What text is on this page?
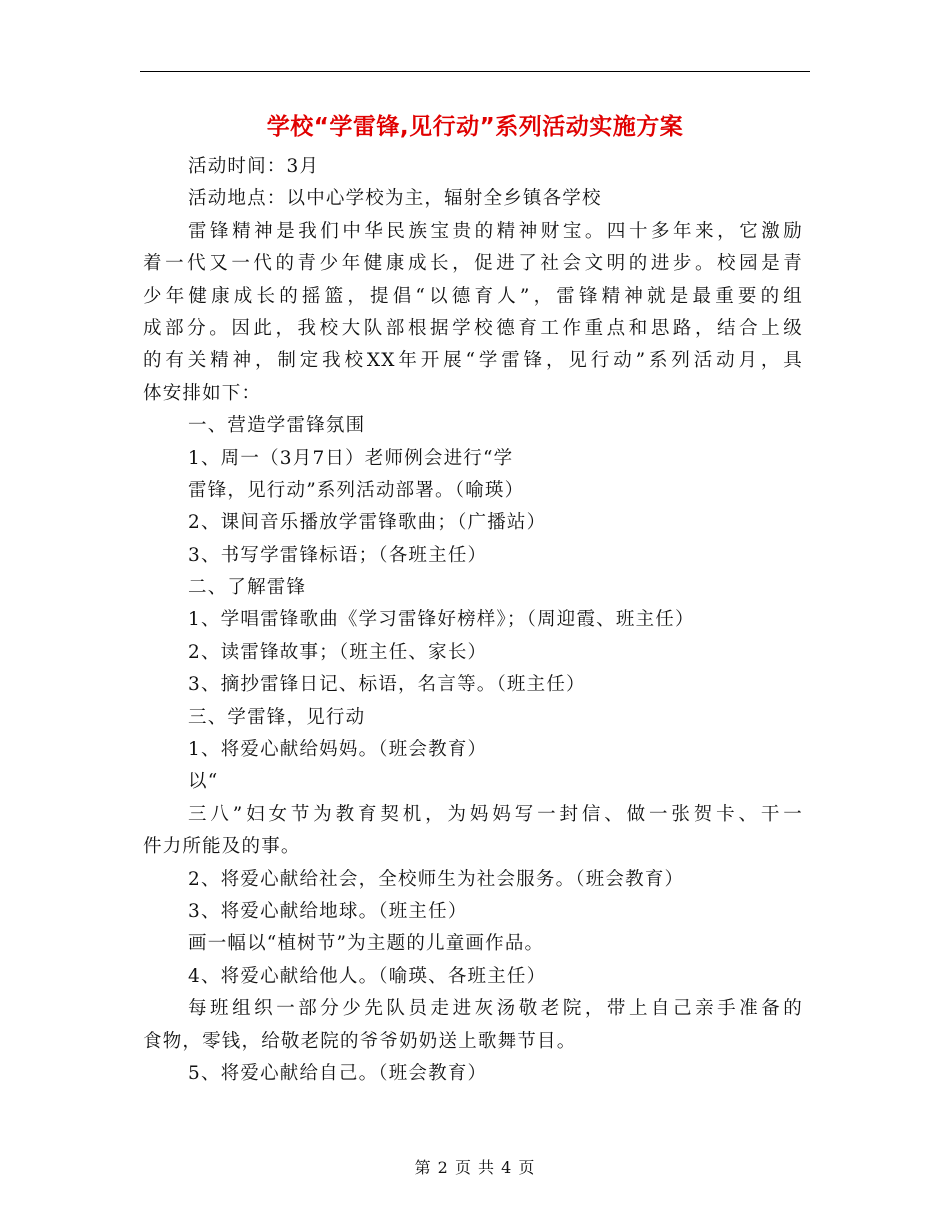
学校“学雷锋,见行动”系列活动实施方案
活动时间：3月
活动地点：以中心学校为主，辐射全乡镇各学校
雷锋精神是我们中华民族宝贵的精神财宝。四十多年来，它激励
着一代又一代的青少年健康成长，促进了社会文明的进步。校园是青
少年健康成长的摇篮，提倡“以德育人”，雷锋精神就是最重要的组
成部分。因此，我校大队部根据学校德育工作重点和思路，结合上级
的有关精神，制定我校XX年开展“学雷锋，见行动”系列活动月，具
体安排如下：
一、营造学雷锋氛围
1、周一（3月7日）老师例会进行“学
雷锋，见行动”系列活动部署。（喻瑛）
2、课间音乐播放学雷锋歌曲；（广播站）
3、书写学雷锋标语；（各班主任）
二、了解雷锋
1、学唱雷锋歌曲《学习雷锋好榜样》；（周迎霞、班主任）
2、读雷锋故事；（班主任、家长）
3、摘抄雷锋日记、标语，名言等。（班主任）
三、学雷锋，见行动
1、将爱心献给妈妈。（班会教育）
以“
三八”妇女节为教育契机，为妈妈写一封信、做一张贺卡、干一
件力所能及的事。
2、将爱心献给社会，全校师生为社会服务。（班会教育）
3、将爱心献给地球。（班主任）
画一幅以“植树节”为主题的儿童画作品。
4、将爱心献给他人。（喻瑛、各班主任）
每班组织一部分少先队员走进灰汤敬老院，带上自己亲手准备的
食物，零钱，给敬老院的爷爷奶奶送上歌舞节目。
5、将爱心献给自己。（班会教育）
第 2 页 共 4 页
